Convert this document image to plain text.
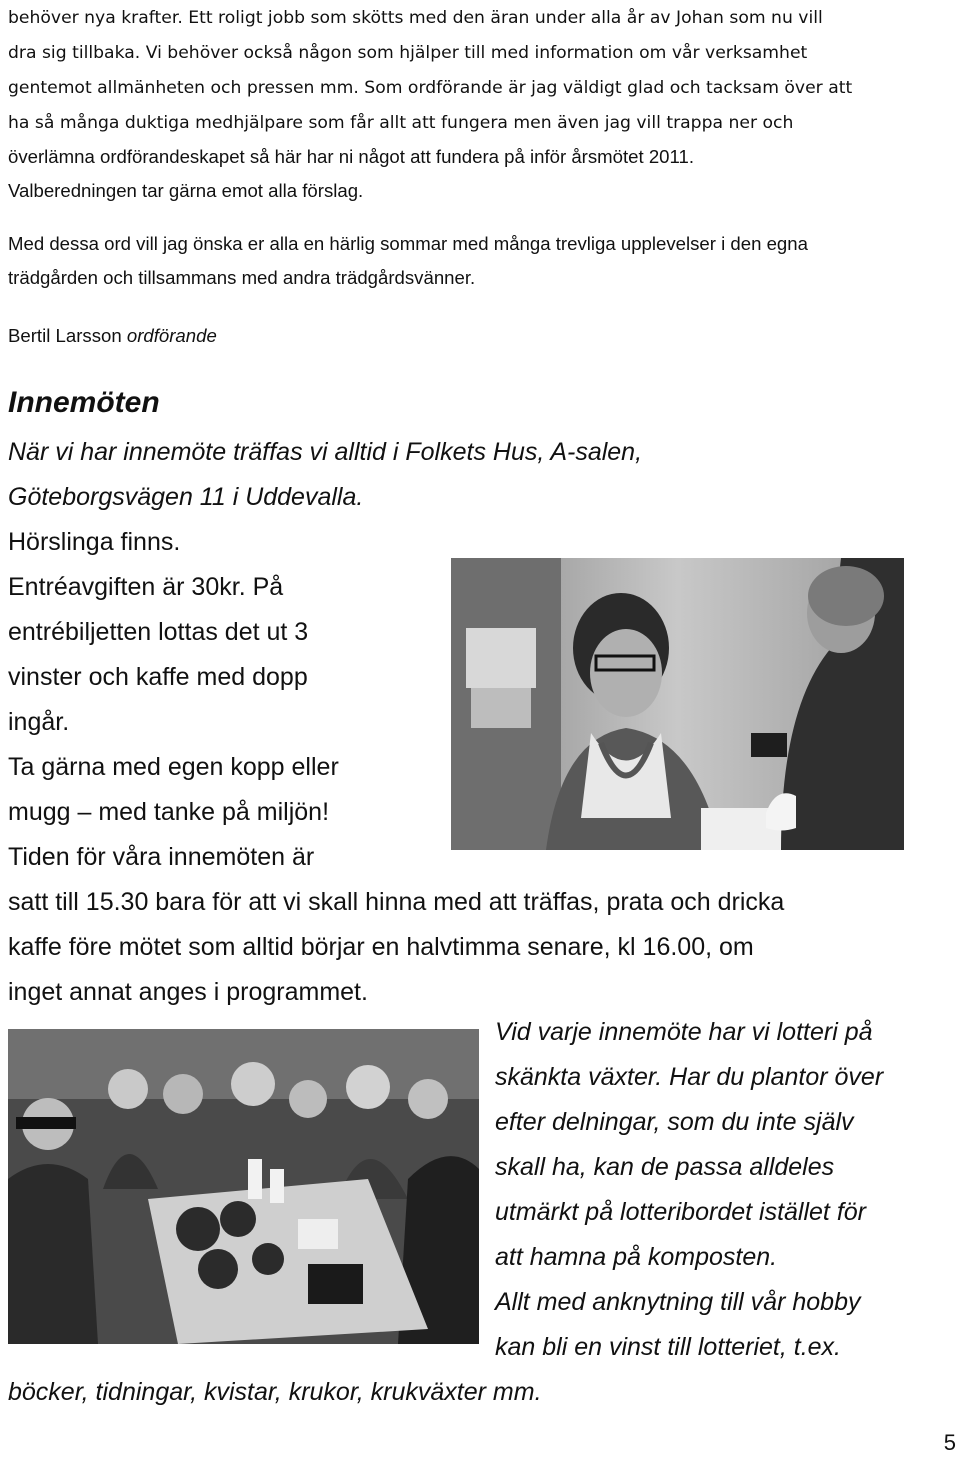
behöver nya krafter. Ett roligt jobb som skötts med den äran under alla år av Johan som nu vill
dra sig tillbaka. Vi behöver också någon som hjälper till med information om vår verksamhet
gentemot allmänheten och pressen mm. Som ordförande är jag väldigt glad och tacksam över att
ha så många duktiga medhjälpare som får allt att fungera men även jag vill trappa ner och
överlämna ordförandeskapet så här har ni något att fundera på inför årsmötet 2011.
Valberedningen tar gärna emot alla förslag.

Med dessa ord vill jag önska er alla en härlig sommar med många trevliga upplevelser i den egna
trädgården och tillsammans med andra trädgårdsvänner.

Bertil Larsson ordförande

Innemöten

När vi har innemöte träffas vi alltid i Folkets Hus, A-salen,
Göteborgsvägen 11 i Uddevalla.

Hörslinga finns.
Entréavgiften är 30kr. På
entrébiljetten lottas det ut 3
vinster och kaffe med dopp
ingår.
Ta gärna med egen kopp eller
mugg – med tanke på miljön!
Tiden för våra innemöten är
satt till 15.30 bara för att vi skall hinna med att träffas, prata och dricka
kaffe före mötet som alltid börjar en halvtimma senare, kl 16.00, om
inget annat anges i programmet.

Vid varje innemöte har vi lotteri på
skänkta växter. Har du plantor över
efter delningar, som du inte själv
skall ha, kan de passa alldeles
utmärkt på lotteribordet istället för
att hamna på komposten.
Allt med anknytning till vår hobby
kan bli en vinst till lotteriet, t.ex.

böcker, tidningar, kvistar, krukor, krukväxter mm.

5
